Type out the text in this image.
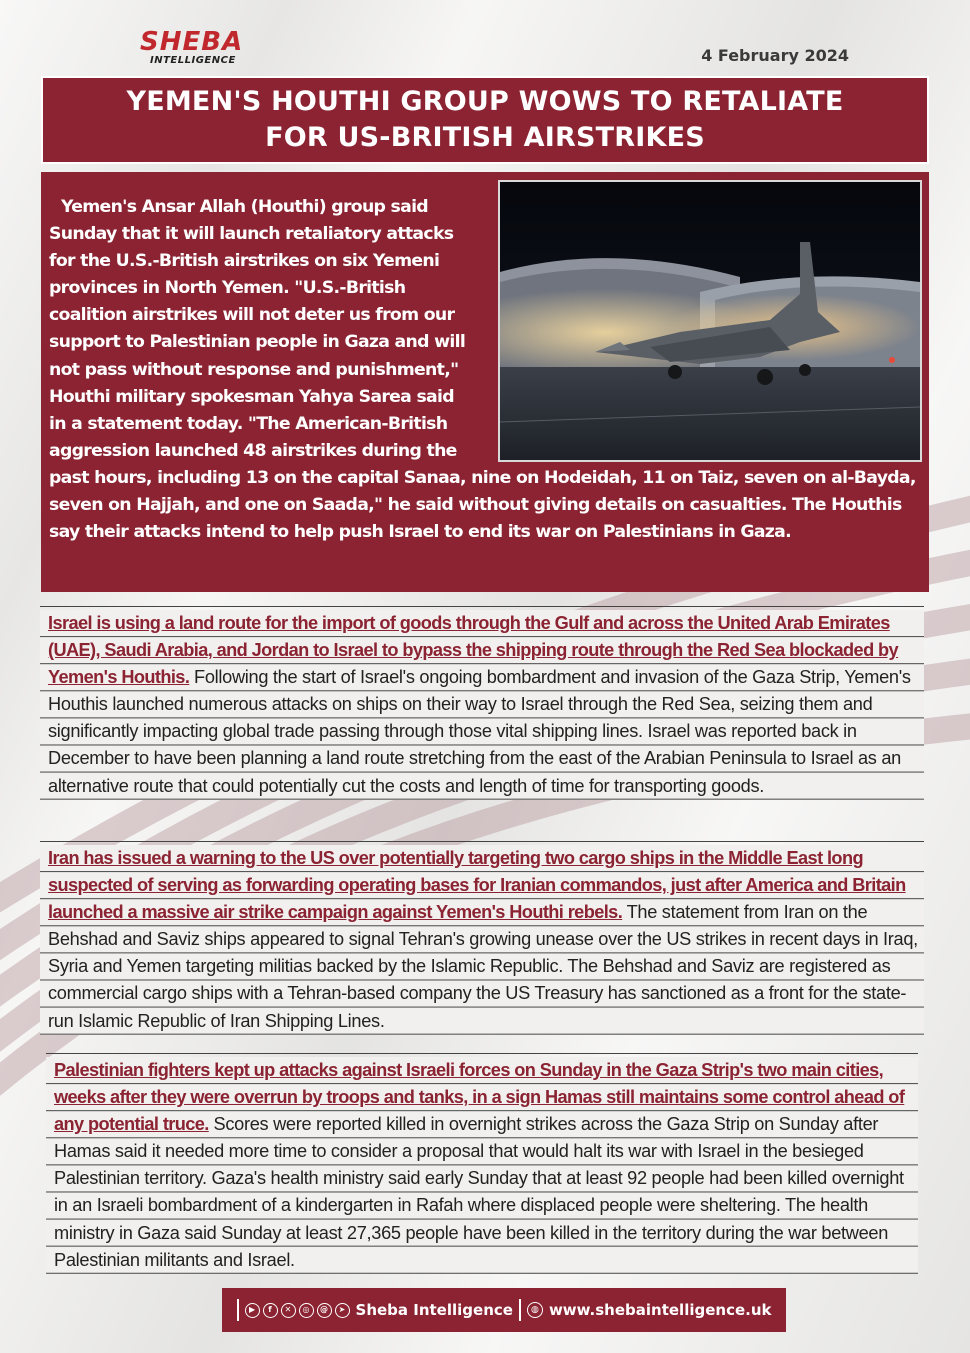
SHEBA
INTELLIGENCE	4 February 2024
YEMEN'S HOUTHI GROUP WOWS TO RETALIATE
FOR US-BRITISH AIRSTRIKES

Yemen's Ansar Allah (Houthi) group said Sunday that it will launch retaliatory attacks for the U.S.-British airstrikes on six Yemeni provinces in North Yemen. "U.S.-British coalition airstrikes will not deter us from our support to Palestinian people in Gaza and will not pass without response and punishment," Houthi military spokesman Yahya Sarea said in a statement today. "The American-British aggression launched 48 airstrikes during the past hours, including 13 on the capital Sanaa, nine on Hodeidah, 11 on Taiz, seven on al-Bayda, seven on Hajjah, and one on Saada," he said without giving details on casualties. The Houthis say their attacks intend to help push Israel to end its war on Palestinians in Gaza.

Israel is using a land route for the import of goods through the Gulf and across the United Arab Emirates (UAE), Saudi Arabia, and Jordan to Israel to bypass the shipping route through the Red Sea blockaded by Yemen's Houthis. Following the start of Israel's ongoing bombardment and invasion of the Gaza Strip, Yemen's Houthis launched numerous attacks on ships on their way to Israel through the Red Sea, seizing them and significantly impacting global trade passing through those vital shipping lines. Israel was reported back in December to have been planning a land route stretching from the east of the Arabian Peninsula to Israel as an alternative route that could potentially cut the costs and length of time for transporting goods.

Iran has issued a warning to the US over potentially targeting two cargo ships in the Middle East long suspected of serving as forwarding operating bases for Iranian commandos, just after America and Britain launched a massive air strike campaign against Yemen's Houthi rebels. The statement from Iran on the Behshad and Saviz ships appeared to signal Tehran's growing unease over the US strikes in recent days in Iraq, Syria and Yemen targeting militias backed by the Islamic Republic. The Behshad and Saviz are registered as commercial cargo ships with a Tehran-based company the US Treasury has sanctioned as a front for the state-run Islamic Republic of Iran Shipping Lines.

Palestinian fighters kept up attacks against Israeli forces on Sunday in the Gaza Strip's two main cities, weeks after they were overrun by troops and tanks, in a sign Hamas still maintains some control ahead of any potential truce. Scores were reported killed in overnight strikes across the Gaza Strip on Sunday after Hamas said it needed more time to consider a proposal that would halt its war with Israel in the besieged Palestinian territory. Gaza's health ministry said early Sunday that at least 92 people had been killed overnight in an Israeli bombardment of a kindergarten in Rafah where displaced people were sheltering. The health ministry in Gaza said Sunday at least 27,365 people have been killed in the territory during the war between Palestinian militants and Israel.

▶	f	✕	◎	@	➤ Sheba Intelligence	◍ www.shebaintelligence.uk
